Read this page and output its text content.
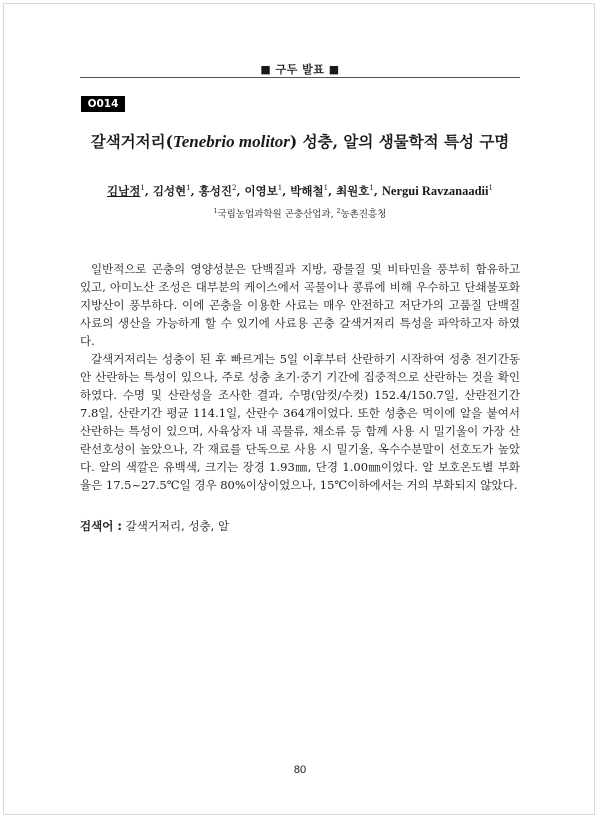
■ 구두 발표 ■
O014
갈색거저리(Tenebrio molitor) 성충, 알의 생물학적 특성 구명
김남정$^1$, 김성현$^1$, 홍성진$^2$, 이영보$^1$, 박해철$^1$, 최원호$^1$, Nergui Ravzanaadii$^1$
$^1$국립농업과학원 곤충산업과, $^2$농촌진흥청

일반적으로 곤충의 영양성분은 단백질과 지방, 광물질 및 비타민을 풍부히 함유하고 있고, 아미노산 조성은 대부분의 케이스에서 곡물이나 콩류에 비해 우수하고 단쇄불포화지방산이 풍부하다. 이에 곤충을 이용한 사료는 매우 안전하고 저단가의 고품질 단백질 사료의 생산을 가능하게 할 수 있기에 사료용 곤충 갈색거저리 특성을 파악하고자 하였다.

갈색거저리는 성충이 된 후 빠르게는 5일 이후부터 산란하기 시작하여 성충 전기간동안 산란하는 특성이 있으나, 주로 성충 초기·중기 기간에 집중적으로 산란하는 것을 확인하였다. 수명 및 산란성을 조사한 결과, 수명(암컷/수컷) 152.4/150.7일, 산란전기간 7.8일, 산란기간 평균 114.1일, 산란수 364개이었다. 또한 성충은 먹이에 알을 붙여서 산란하는 특성이 있으며, 사육상자 내 곡물류, 채소류 등 함께 사용 시 밀기울이 가장 산란선호성이 높았으나, 각 재료를 단독으로 사용 시 밀기울, 옥수수분말이 선호도가 높았다. 알의 색깔은 유백색, 크기는 장경 1.93㎜, 단경 1.00㎜이었다. 알 보호온도별 부화율은 17.5~27.5℃일 경우 80%이상이었으나, 15℃이하에서는 거의 부화되지 않았다.

검색어 : 갈색거저리, 성충, 알
80
